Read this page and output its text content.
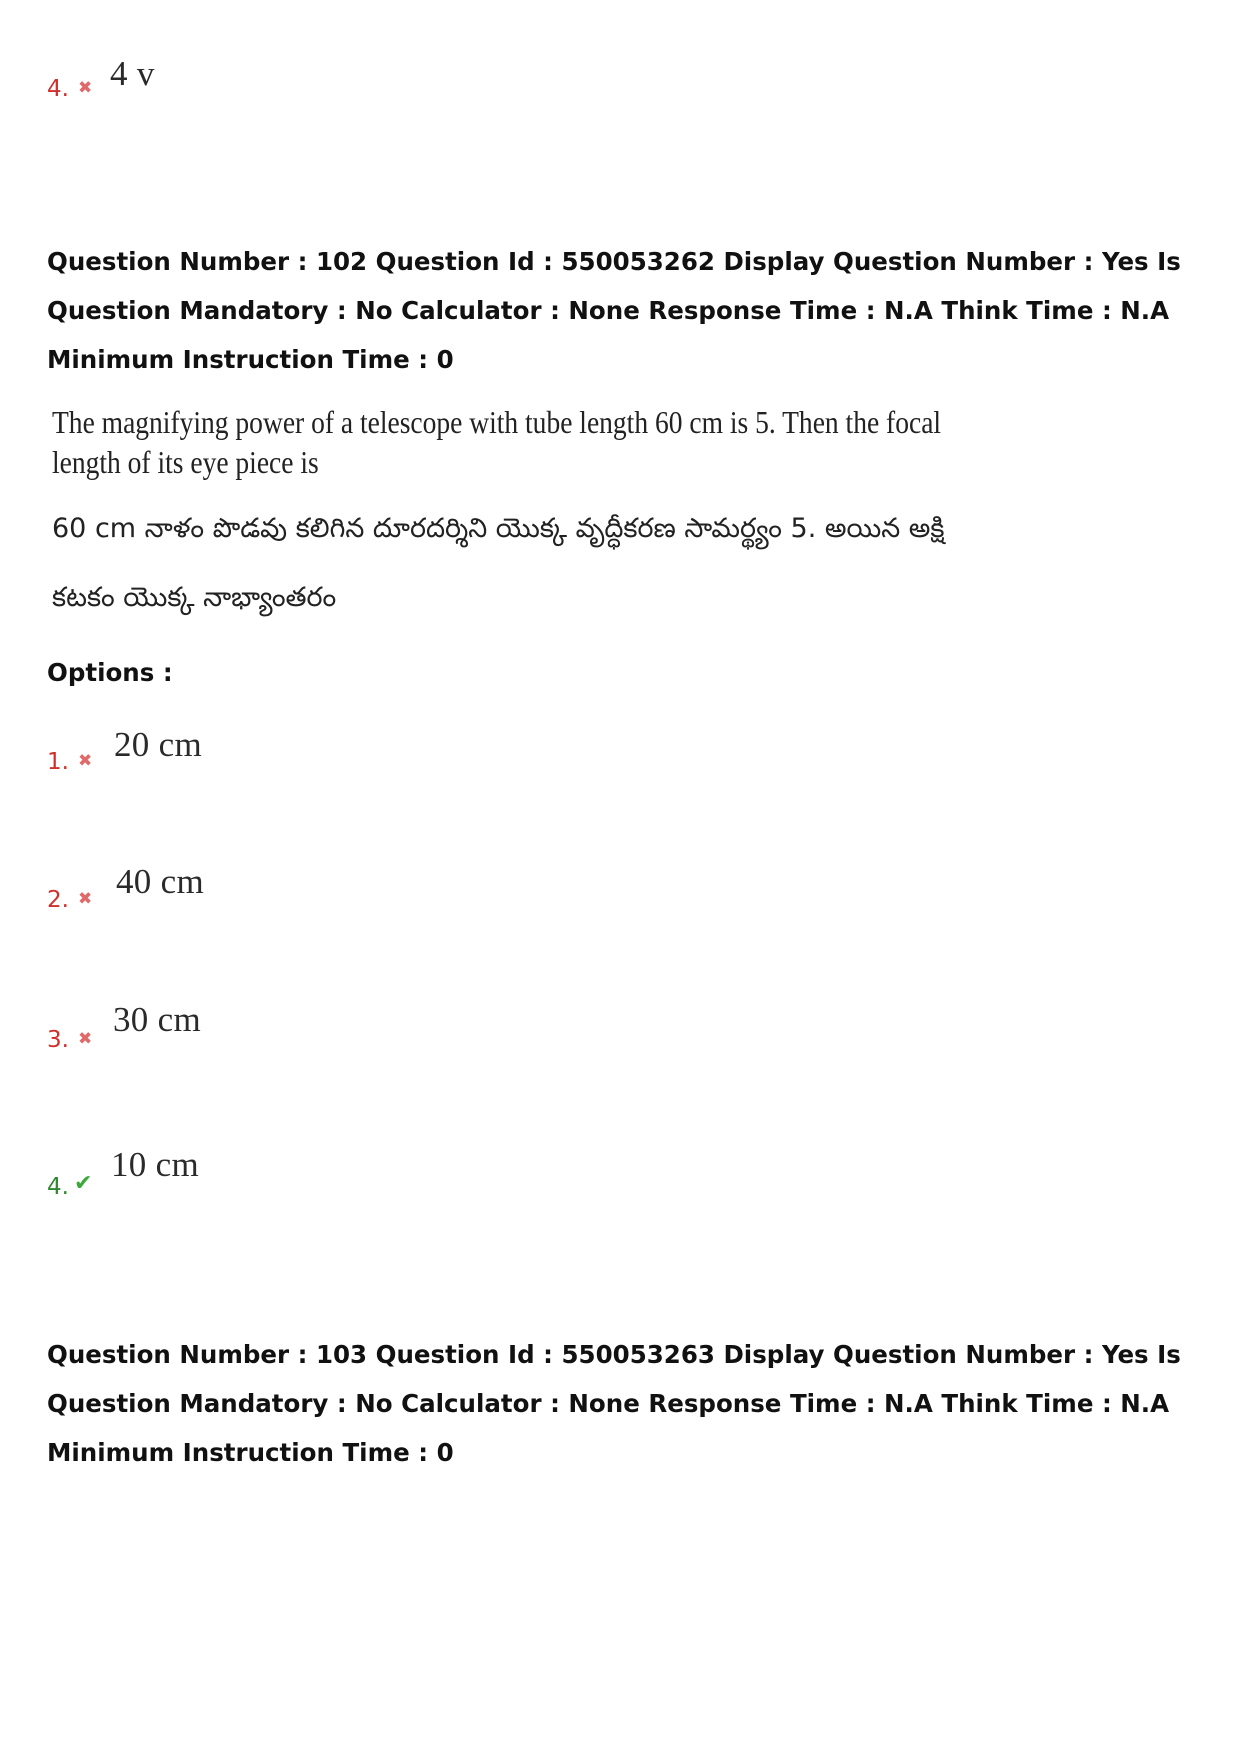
4. ✖ 4 v
Question Number : 102 Question Id : 550053262 Display Question Number : Yes Is Question Mandatory : No Calculator : None Response Time : N.A Think Time : N.A Minimum Instruction Time : 0
The magnifying power of a telescope with tube length 60 cm is 5. Then the focal
length of its eye piece is
60 cm నాళం పొడవు కలిగిన దూరదర్శిని యొక్క వృద్ధీకరణ సామర్థ్యం 5. అయిన అక్షి
కటకం యొక్క నాభ్యాంతరం
Options :
1. ✖ 20 cm
2. ✖ 40 cm
3. ✖ 30 cm
4. ✔ 10 cm
Question Number : 103 Question Id : 550053263 Display Question Number : Yes Is Question Mandatory : No Calculator : None Response Time : N.A Think Time : N.A Minimum Instruction Time : 0
